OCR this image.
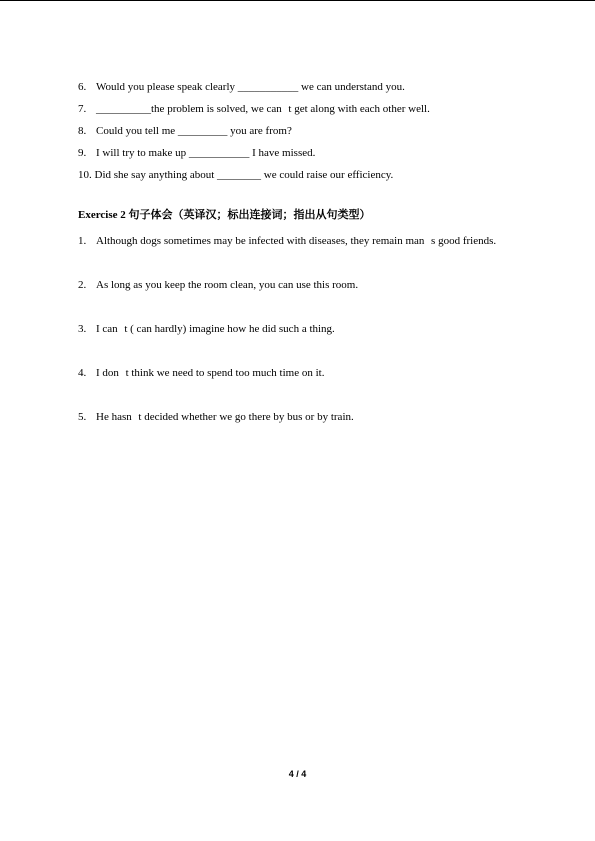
6. Would you please speak clearly ___________ we can understand you.
7. __________the problem is solved, we cant get along with each other well.
8. Could you tell me _________ you are from?
9. I will try to make up ___________ I have missed.
10. Did she say anything about ________ we could raise our efficiency.
Exercise 2 句子体会（英译汉；标出连接词；指出从句类型）
1. Although dogs sometimes may be infected with diseases, they remain mans good friends.
2. As long as you keep the room clean, you can use this room.
3. I cant ( can hardly) imagine how he did such a thing.
4. I dont think we need to spend too much time on it.
5. He hasnt decided whether we go there by bus or by train.
4 / 4
